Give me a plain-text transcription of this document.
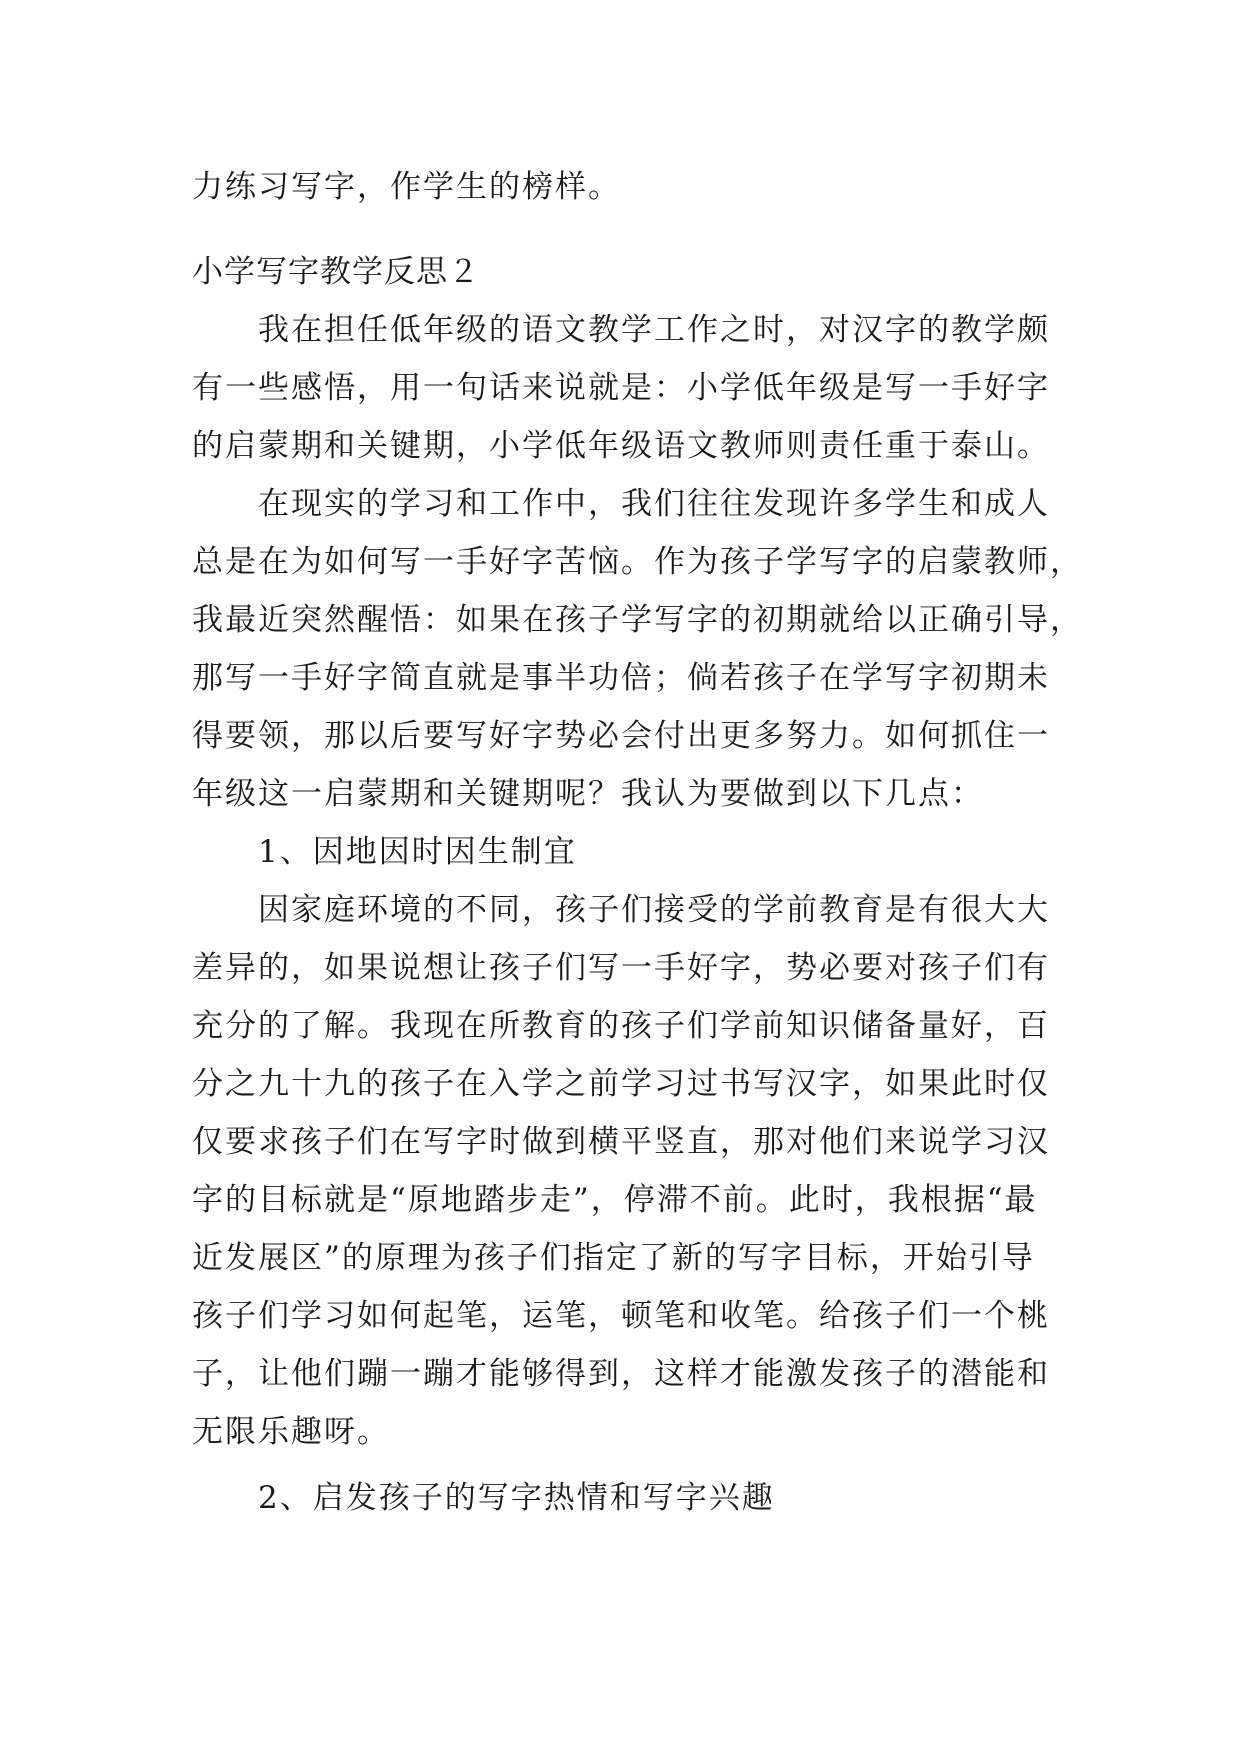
力练习写字，作学生的榜样。
小学写字教学反思２
我在担任低年级的语文教学工作之时，对汉字的教学颇
有一些感悟，用一句话来说就是：小学低年级是写一手好字
的启蒙期和关键期，小学低年级语文教师则责任重于泰山。
在现实的学习和工作中，我们往往发现许多学生和成人
总是在为如何写一手好字苦恼。作为孩子学写字的启蒙教师，
我最近突然醒悟：如果在孩子学写字的初期就给以正确引导，
那写一手好字简直就是事半功倍；倘若孩子在学写字初期未
得要领，那以后要写好字势必会付出更多努力。如何抓住一
年级这一启蒙期和关键期呢？我认为要做到以下几点：
1、因地因时因生制宜
因家庭环境的不同，孩子们接受的学前教育是有很大大
差异的，如果说想让孩子们写一手好字，势必要对孩子们有
充分的了解。我现在所教育的孩子们学前知识储备量好，百
分之九十九的孩子在入学之前学习过书写汉字，如果此时仅
仅要求孩子们在写字时做到横平竖直，那对他们来说学习汉
字的目标就是“原地踏步走”，停滞不前。此时，我根据“最
近发展区”的原理为孩子们指定了新的写字目标，开始引导
孩子们学习如何起笔，运笔，顿笔和收笔。给孩子们一个桃
子，让他们蹦一蹦才能够得到，这样才能激发孩子的潜能和
无限乐趣呀。
2、启发孩子的写字热情和写字兴趣
